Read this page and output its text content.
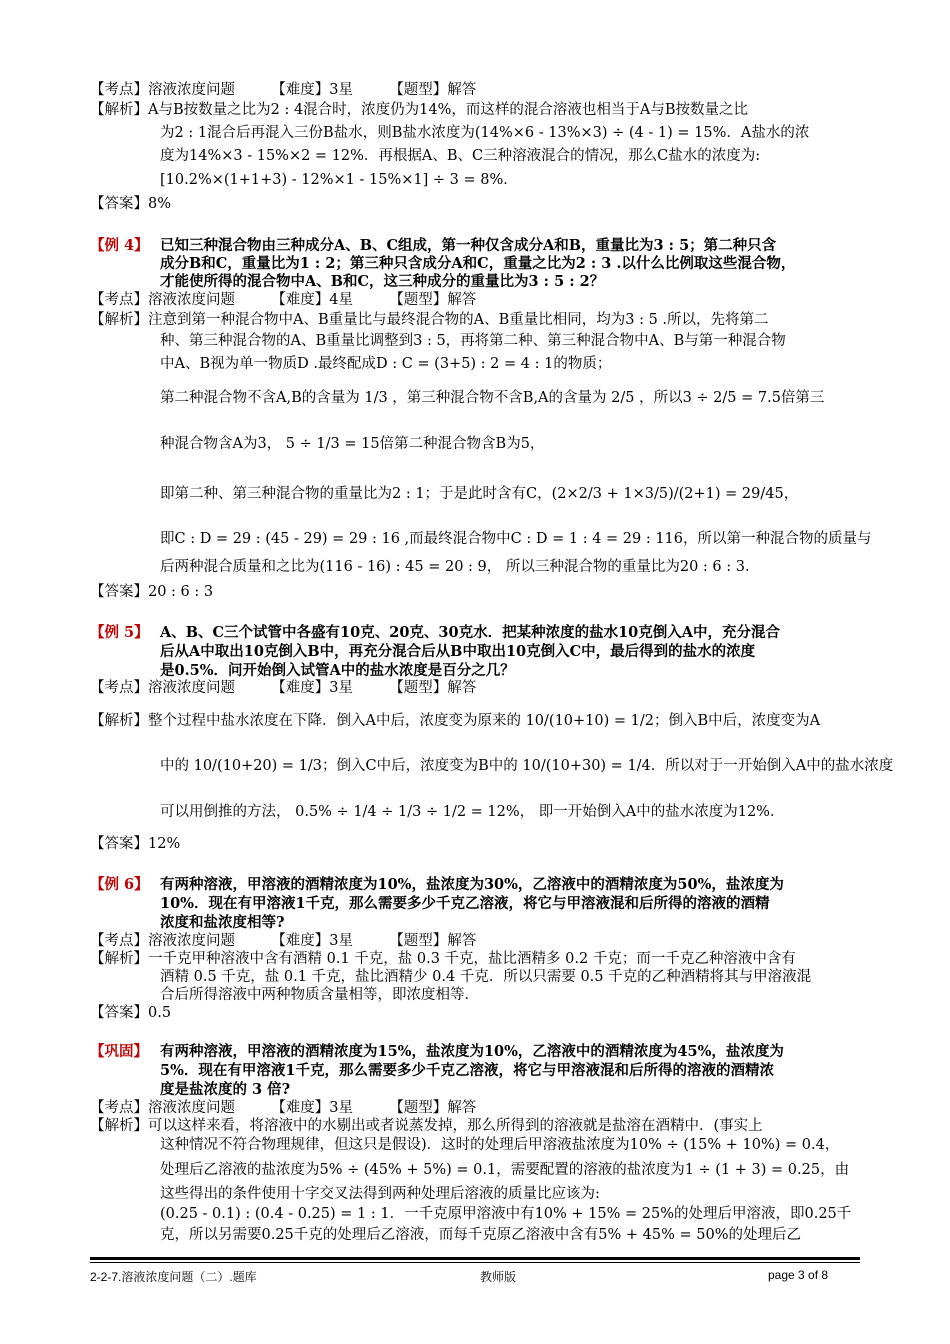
【考点】溶液浓度问题　　　【难度】3星　　　【题型】解答
【解析】A与B按数量之比为2 : 4混合时，浓度仍为14%，而这样的混合溶液也相当于A与B按数量之比
为2 : 1混合后再混入三份B盐水，则B盐水浓度为(14%×6 - 13%×3) ÷ (4 - 1) = 15%．A盐水的浓
度为14%×3 - 15%×2 = 12%．再根据A、B、C三种溶液混合的情况，那么C盐水的浓度为:
[10.2%×(1+1+3) - 12%×1 - 15%×1] ÷ 3 = 8%．
【答案】8%
【例 4】 已知三种混合物由三种成分A、B、C组成，第一种仅含成分A和B，重量比为3 : 5；第二种只含
成分B和C，重量比为1 : 2；第三种只含成分A和C，重量之比为2 : 3 .以什么比例取这些混合物，
才能使所得的混合物中A、B和C，这三种成分的重量比为3 : 5 : 2？
【考点】溶液浓度问题　　　【难度】4星　　　【题型】解答
【解析】注意到第一种混合物中A、B重量比与最终混合物的A、B重量比相同，均为3 : 5 .所以，先将第二
种、第三种混合物的A、B重量比调整到3 : 5，再将第二种、第三种混合物中A、B与第一种混合物
中A、B视为单一物质D .最终配成D : C = (3+5) : 2 = 4 : 1的物质；
第二种混合物不含A,B的含量为 1/3 ，第三种混合物不含B,A的含量为 2/5 ，所以3 ÷ 2/5 = 7.5倍第三
种混合物含A为3， 5 ÷ 1/3 = 15倍第二种混合物含B为5，
即第二种、第三种混合物的重量比为2 : 1；于是此时含有C，(2×2/3 + 1×3/5)/(2+1) = 29/45，
即C : D = 29 : (45 - 29) = 29 : 16 ,而最终混合物中C : D = 1 : 4 = 29 : 116，所以第一种混合物的质量与
后两种混合质量和之比为(116 - 16) : 45 = 20 : 9， 所以三种混合物的重量比为20 : 6 : 3．
【答案】20 : 6 : 3
【例 5】 A、B、C三个试管中各盛有10克、20克、30克水．把某种浓度的盐水10克倒入A中，充分混合
后从A中取出10克倒入B中，再充分混合后从B中取出10克倒入C中，最后得到的盐水的浓度
是0.5%．问开始倒入试管A中的盐水浓度是百分之几？
【考点】溶液浓度问题　　　【难度】3星　　　【题型】解答
【解析】整个过程中盐水浓度在下降．倒入A中后，浓度变为原来的 10/(10+10) = 1/2；倒入B中后，浓度变为A
中的 10/(10+20) = 1/3；倒入C中后，浓度变为B中的 10/(10+30) = 1/4．所以对于一开始倒入A中的盐水浓度
可以用倒推的方法， 0.5% ÷ 1/4 ÷ 1/3 ÷ 1/2 = 12%， 即一开始倒入A中的盐水浓度为12%．
【答案】12%
【例 6】 有两种溶液，甲溶液的酒精浓度为10%，盐浓度为30%，乙溶液中的酒精浓度为50%，盐浓度为
10%．现在有甲溶液1千克，那么需要多少千克乙溶液，将它与甲溶液混和后所得的溶液的酒精
浓度和盐浓度相等?
【考点】溶液浓度问题　　　【难度】3星　　　【题型】解答
【解析】一千克甲种溶液中含有酒精 0.1 千克，盐 0.3 千克，盐比酒精多 0.2 千克；而一千克乙种溶液中含有
酒精 0.5 千克，盐 0.1 千克，盐比酒精少 0.4 千克．所以只需要 0.5 千克的乙种酒精将其与甲溶液混
合后所得溶液中两种物质含量相等，即浓度相等．
【答案】0.5
【巩固】 有两种溶液，甲溶液的酒精浓度为15%，盐浓度为10%，乙溶液中的酒精浓度为45%，盐浓度为
5%．现在有甲溶液1千克，那么需要多少千克乙溶液，将它与甲溶液混和后所得的溶液的酒精浓
度是盐浓度的 3 倍?
【考点】溶液浓度问题　　　【难度】3星　　　【题型】解答
【解析】可以这样来看，将溶液中的水剔出或者说蒸发掉，那么所得到的溶液就是盐溶在酒精中．(事实上
这种情况不符合物理规律，但这只是假设)．这时的处理后甲溶液盐浓度为10% ÷ (15% + 10%) = 0.4，
处理后乙溶液的盐浓度为5% ÷ (45% + 5%) = 0.1，需要配置的溶液的盐浓度为1 ÷ (1 + 3) = 0.25，由
这些得出的条件使用十字交叉法得到两种处理后溶液的质量比应该为:
(0.25 - 0.1) : (0.4 - 0.25) = 1 : 1．一千克原甲溶液中有10% + 15% = 25%的处理后甲溶液，即0.25千
克，所以另需要0.25千克的处理后乙溶液，而每千克原乙溶液中含有5% + 45% = 50%的处理后乙
2-2-7.溶液浓度问题（二）.题库	教师版	page 3 of 8
